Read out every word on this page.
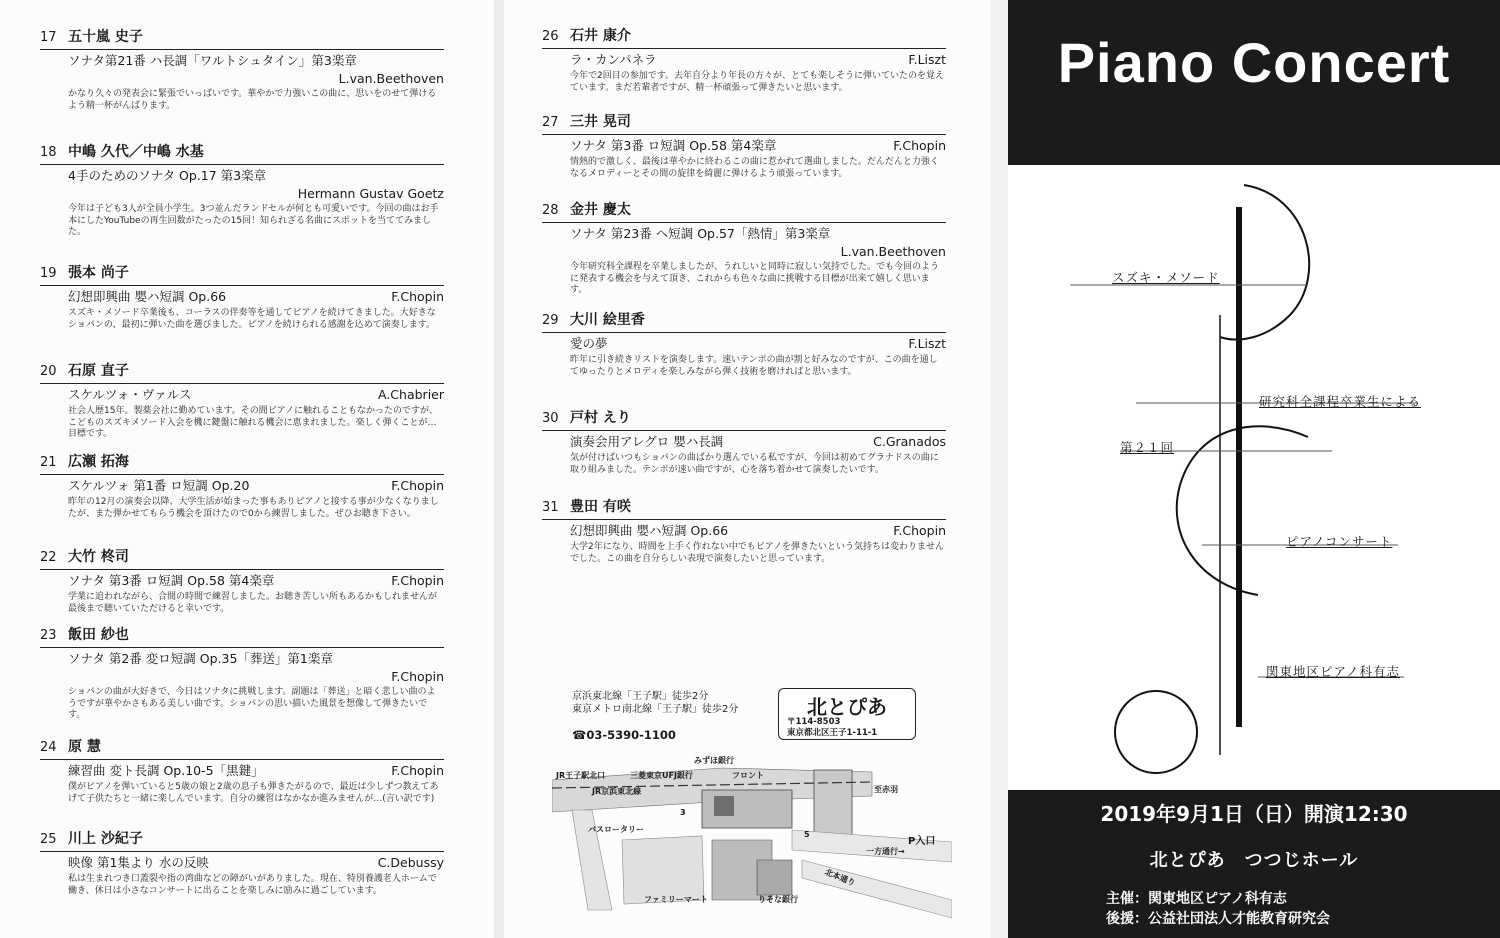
17 五十嵐 史子
ソナタ第21番 ハ長調「ワルトシュタイン」第3楽章
L.van.Beethoven
かなり久々の発表会に緊張でいっぱいです。華やかで力強いこの曲に、思いをのせて弾けるよう精一杯がんばります。
18 中嶋 久代／中嶋 水基
4手のためのソナタ Op.17 第3楽章
Hermann Gustav Goetz
今年は子ども3人が全員小学生。3つ並んだランドセルが何とも可愛いです。今回の曲はお手本にしたYouTubeの再生回数がたったの15回！知られざる名曲にスポットを当ててみました。
19 張本 尚子
幻想即興曲 嬰ハ短調 Op.66	F.Chopin
スズキ・メソード卒業後も、コーラスの伴奏等を通してピアノを続けてきました。大好きなショパンの、最初に弾いた曲を選びました。ピアノを続けられる感謝を込めて演奏します。
20 石原 直子
スケルツォ・ヴァルス	A.Chabrier
社会人歴15年。製薬会社に勤めています。その間ピアノに触れることもなかったのですが、こどものスズキメソード入会を機に鍵盤に触れる機会に恵まれました。楽しく弾くことが…目標です。
21 広瀬 拓海
スケルツォ 第1番 ロ短調 Op.20	F.Chopin
昨年の12月の演奏会以降、大学生活が始まった事もありピアノと接する事が少なくなりましたが、また弾かせてもらう機会を頂けたので0から練習しました。ぜひお聴き下さい。
22 大竹 柊司
ソナタ 第3番 ロ短調 Op.58 第4楽章	F.Chopin
学業に追われながら、合間の時間で練習しました。お聴き苦しい所もあるかもしれませんが最後まで聴いていただけると幸いです。
23 飯田 紗也
ソナタ 第2番 変ロ短調 Op.35「葬送」第1楽章
F.Chopin
ショパンの曲が大好きで、今日はソナタに挑戦します。副題は「葬送」と暗く悲しい曲のようですが華やかさもある美しい曲です。ショパンの思い描いた風景を想像して弾きたいです。
24 原 慧
練習曲 変ト長調 Op.10-5「黒鍵」	F.Chopin
僕がピアノを弾いていると5歳の娘と2歳の息子も弾きたがるので、最近は少しずつ教えてあげて子供たちと一緒に楽しんでいます。自分の練習はなかなか進みませんが…(言い訳です)
25 川上 沙紀子
映像 第1集より 水の反映	C.Debussy
私は生まれつき口蓋裂や指の湾曲などの障がいがありました。現在、特別養護老人ホームで働き、休日は小さなコンサートに出ることを楽しみに励みに過ごしています。
京浜東北線「王子駅」徒歩2分
東京メトロ南北線「王子駅」徒歩2分
☎03-5390-1100
北とぴあ
〒114-8503
東京都北区王子1-11-1
みずほ銀行
JR王子駅北口	三菱東京UFJ銀行	フロント
JR京浜東北線	至赤羽
3
バスロータリー
5
P入口
一方通行→
北本通り
ファミリーマート	りそな銀行
26 石井 康介
ラ・カンパネラ	F.Liszt
今年で2回目の参加です。去年自分より年長の方々が、とても楽しそうに弾いていたのを覚えています。まだ若輩者ですが、精一杯頑張って弾きたいと思います。
27 三井 晃司
ソナタ 第3番 ロ短調 Op.58 第4楽章	F.Chopin
情熱的で激しく、最後は華やかに終わるこの曲に惹かれて選曲しました。だんだんと力強くなるメロディーとその間の旋律を綺麗に弾けるよう頑張っています。
28 金井 慶太
ソナタ 第23番 ヘ短調 Op.57「熱情」第3楽章
L.van.Beethoven
今年研究科全課程を卒業しましたが、うれしいと同時に寂しい気持でした。でも今回のように発表する機会を与えて頂き、これからも色々な曲に挑戦する目標が出来て嬉しく思います。
29 大川 絵里香
愛の夢	F.Liszt
昨年に引き続きリストを演奏します。速いテンポの曲が割と好みなのですが、この曲を通してゆったりとメロディを楽しみながら弾く技術を磨ければと思います。
30 戸村 えり
演奏会用アレグロ 嬰ハ長調	C.Granados
気が付けばいつもショパンの曲ばかり選んでいる私ですが、今回は初めてグラナドスの曲に取り組みました。テンポが速い曲ですが、心を落ち着かせて演奏したいです。
31 豊田 有咲
幻想即興曲 嬰ハ短調 Op.66	F.Chopin
大学2年になり、時間を上手く作れない中でもピアノを弾きたいという気持ちは変わりませんでした。この曲を自分らしい表現で演奏したいと思っています。
Piano Concert
スズキ・メソード
研究科全課程卒業生による
第２１回
ピアノコンサート
関東地区ピアノ科有志
2019年9月1日（日）開演12:30
北とぴあ　つつじホール
主催：関東地区ピアノ科有志
後援：公益社団法人才能教育研究会
